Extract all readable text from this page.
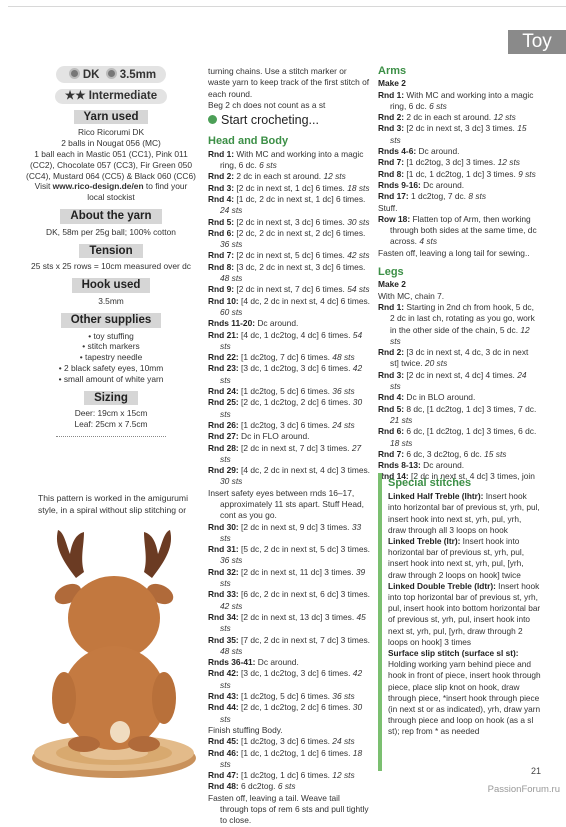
Toy
DK 3.5mm
★★ Intermediate
Yarn used

Rico Ricorumi DK

2 balls in Nougat 056 (MC)

1 ball each in Mastic 051 (CC1), Pink 011

(CC2), Chocolate 057 (CC3), Fir Green 050

(CC4), Mustard 064 (CC5) & Black 060 (CC6)

Visit www.rico-design.de/en to find your local stockist

About the yarn

DK, 58m per 25g ball; 100% cotton

Tension

25 sts x 25 rows = 10cm measured over dc

Hook used

3.5mm

Other supplies

• toy stuffing

• stitch markers

• tapestry needle

• 2 black safety eyes, 10mm

• small amount of white yarn

Sizing

Deer: 19cm x 15cm

Leaf: 25cm x 7.5cm

This pattern is worked in the amigurumi style, in a spiral without slip stitching or

turning chains. Use a stitch marker or waste yarn to keep track of the first stitch of each round.

Beg 2 ch does not count as a st

Start crocheting...
Head and Body

Rnd 1: With MC and working into a magic ring, 6 dc. 6 sts

Rnd 2: 2 dc in each st around. 12 sts

Rnd 3: [2 dc in next st, 1 dc] 6 times. 18 sts

Rnd 4: [1 dc, 2 dc in next st, 1 dc] 6 times. 24 sts

Rnd 5: [2 dc in next st, 3 dc] 6 times. 30 sts

Rnd 6: [2 dc, 2 dc in next st, 2 dc] 6 times. 36 sts

Rnd 7: [2 dc in next st, 5 dc] 6 times. 42 sts

Rnd 8: [3 dc, 2 dc in next st, 3 dc] 6 times. 48 sts

Rnd 9: [2 dc in next st, 7 dc] 6 times. 54 sts

Rnd 10: [4 dc, 2 dc in next st, 4 dc] 6 times. 60 sts

Rnds 11-20: Dc around.

Rnd 21: [4 dc, 1 dc2tog, 4 dc] 6 times. 54 sts

Rnd 22: [1 dc2tog, 7 dc] 6 times. 48 sts

Rnd 23: [3 dc, 1 dc2tog, 3 dc] 6 times. 42 sts

Rnd 24: [1 dc2tog, 5 dc] 6 times. 36 sts

Rnd 25: [2 dc, 1 dc2tog, 2 dc] 6 times. 30 sts

Rnd 26: [1 dc2tog, 3 dc] 6 times. 24 sts

Rnd 27: Dc in FLO around.

Rnd 28: [2 dc in next st, 7 dc] 3 times. 27 sts

Rnd 29: [4 dc, 2 dc in next st, 4 dc] 3 times. 30 sts

Insert safety eyes between rnds 16–17, approximately 11 sts apart. Stuff Head, cont as you go.

Rnd 30: [2 dc in next st, 9 dc] 3 times. 33 sts

Rnd 31: [5 dc, 2 dc in next st, 5 dc] 3 times. 36 sts

Rnd 32: [2 dc in next st, 11 dc] 3 times. 39 sts

Rnd 33: [6 dc, 2 dc in next st, 6 dc] 3 times. 42 sts

Rnd 34: [2 dc in next st, 13 dc] 3 times. 45 sts

Rnd 35: [7 dc, 2 dc in next st, 7 dc] 3 times. 48 sts

Rnds 36-41: Dc around.

Rnd 42: [3 dc, 1 dc2tog, 3 dc] 6 times. 42 sts

Rnd 43: [1 dc2tog, 5 dc] 6 times. 36 sts

Rnd 44: [2 dc, 1 dc2tog, 2 dc] 6 times. 30 sts

Finish stuffing Body.

Rnd 45: [1 dc2tog, 3 dc] 6 times. 24 sts

Rnd 46: [1 dc, 1 dc2tog, 1 dc] 6 times. 18 sts

Rnd 47: [1 dc2tog, 1 dc] 6 times. 12 sts

Rnd 48: 6 dc2tog. 6 sts

Fasten off, leaving a tail. Weave tail through tops of rem 6 sts and pull tightly to close.

Arms

Make 2

Rnd 1: With MC and working into a magic ring, 6 dc. 6 sts

Rnd 2: 2 dc in each st around. 12 sts

Rnd 3: [2 dc in next st, 3 dc] 3 times. 15 sts

Rnds 4-6: Dc around.

Rnd 7: [1 dc2tog, 3 dc] 3 times. 12 sts

Rnd 8: [1 dc, 1 dc2tog, 1 dc] 3 times. 9 sts

Rnds 9-16: Dc around.

Rnd 17: 1 dc2tog, 7 dc. 8 sts

Stuff.

Row 18: Flatten top of Arm, then working through both sides at the same time, dc across. 4 sts

Fasten off, leaving a long tail for sewing..

Legs

Make 2

With MC, chain 7.

Rnd 1: Starting in 2nd ch from hook, 5 dc, 2 dc in last ch, rotating as you go, work in the other side of the chain, 5 dc. 12 sts

Rnd 2: [3 dc in next st, 4 dc, 3 dc in next st] twice. 20 sts

Rnd 3: [2 dc in next st, 4 dc] 4 times. 24 sts

Rnd 4: Dc in BLO around.

Rnd 5: 8 dc, [1 dc2tog, 1 dc] 3 times, 7 dc. 21 sts

Rnd 6: 6 dc, [1 dc2tog, 1 dc] 3 times, 6 dc. 18 sts

Rnd 7: 6 dc, 3 dc2tog, 6 dc. 15 sts

Rnds 8-13: Dc around.

Rnd 14: [2 dc in next st, 4 dc] 3 times, join

Special stitches

Linked Half Treble (lhtr): Insert hook into horizontal bar of previous st, yrh, pul, insert hook into next st, yrh, pul, yrh, draw through all 3 loops on hook

Linked Treble (ltr): Insert hook into horizontal bar of previous st, yrh, pul, insert hook into next st, yrh, pul, [yrh, draw through 2 loops on hook] twice

Linked Double Treble (ldtr): Insert hook into top horizontal bar of previous st, yrh, pul, insert hook into bottom horizontal bar of previous st, yrh, pul, insert hook into next st, yrh, pul, [yrh, draw through 2 loops on hook] 3 times

Surface slip stitch (surface sl st): Holding working yarn behind piece and hook in front of piece, insert hook through piece, place slip knot on hook, draw through piece, *insert hook through piece (in next st or as indicated), yrh, draw yarn through piece and loop on hook (as a sl st); rep from * as needed

21
PassionForum.ru
